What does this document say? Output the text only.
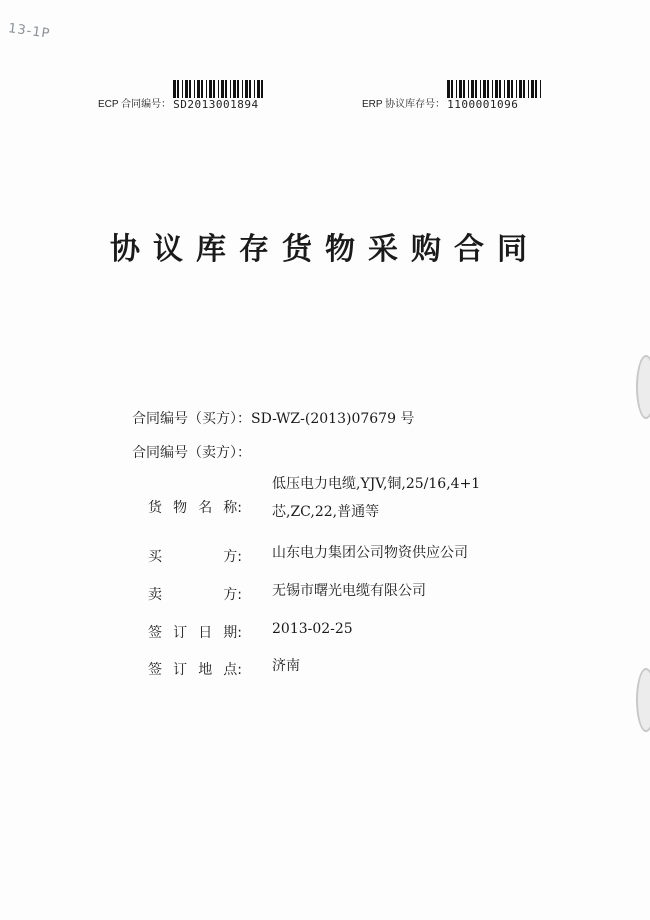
13-1P
ECP 合同编号： SD2013001894	ERP 协议库存号： 1100001096
协议库存货物采购合同
合同编号（买方）：SD-WZ-(2013)07679 号
合同编号（卖方）：
货 物 名 称:
低压电力电缆,YJV,铜,25/16,4+1
芯,ZC,22,普通等
买	方: 山东电力集团公司物资供应公司
卖	方: 无锡市曙光电缆有限公司
签 订 日 期: 2013-02-25
签 订 地 点: 济南
